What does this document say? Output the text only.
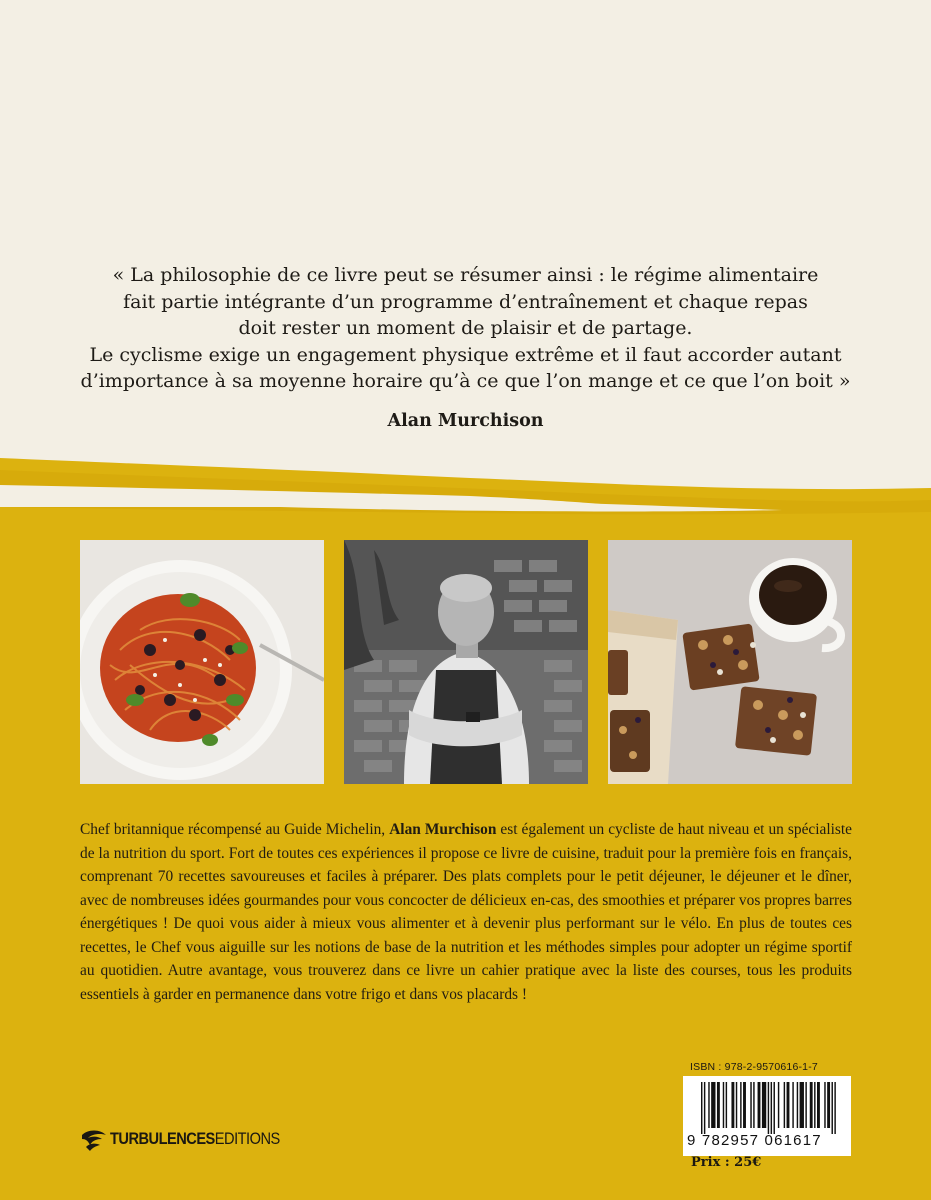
« La philosophie de ce livre peut se résumer ainsi : le régime alimentaire

fait partie intégrante d’un programme d’entraînement et chaque repas

doit rester un moment de plaisir et de partage.

Le cyclisme exige un engagement physique extrême et il faut accorder autant

d’importance à sa moyenne horaire qu’à ce que l’on mange et ce que l’on boit »

Alan Murchison
Chef britannique récompensé au Guide Michelin, Alan Murchison est également un cycliste de haut niveau et un spécialiste de la nutrition du sport. Fort de toutes ces expériences il propose ce livre de cuisine, traduit pour la première fois en français, comprenant 70 recettes savoureuses et faciles à préparer. Des plats complets pour le petit déjeuner, le déjeuner et le dîner, avec de nombreuses idées gourmandes pour vous concocter de délicieux en-cas, des smoothies et préparer vos propres barres énergétiques ! De quoi vous aider à mieux vous alimenter et à devenir plus performant sur le vélo. En plus de toutes ces recettes, le Chef vous aiguille sur les notions de base de la nutrition et les méthodes simples pour adopter un régime sportif au quotidien. Autre avantage, vous trouverez dans ce livre un cahier pratique avec la liste des courses, tous les produits essentiels à garder en permanence dans votre frigo et dans vos placards !
TURBULENCESEDITIONS
ISBN : 978-2-9570616-1-7
9 782957 061617
Prix : 25€
